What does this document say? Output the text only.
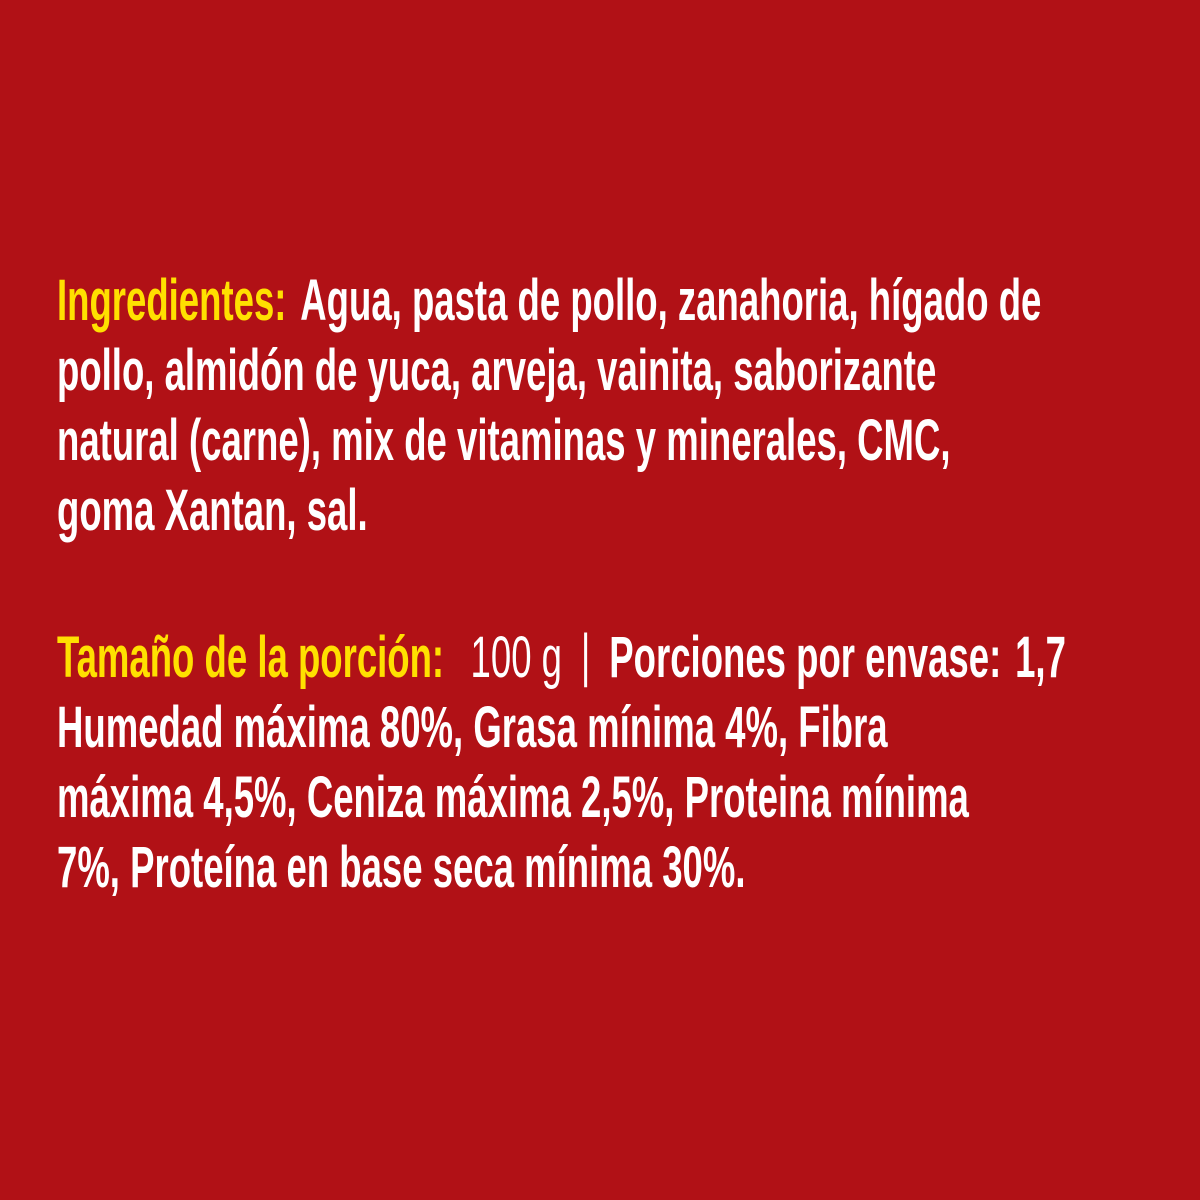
Ingredientes: Agua, pasta de pollo, zanahoria, hígado de
pollo, almidón de yuca, arveja, vainita, saborizante
natural (carne), mix de vitaminas y minerales, CMC,
goma Xantan, sal.
Tamaño de la porción: 100 g | Porciones por envase: 1,7
Humedad máxima 80%, Grasa mínima 4%, Fibra
máxima 4,5%, Ceniza máxima 2,5%, Proteina mínima
7%, Proteína en base seca mínima 30%.
